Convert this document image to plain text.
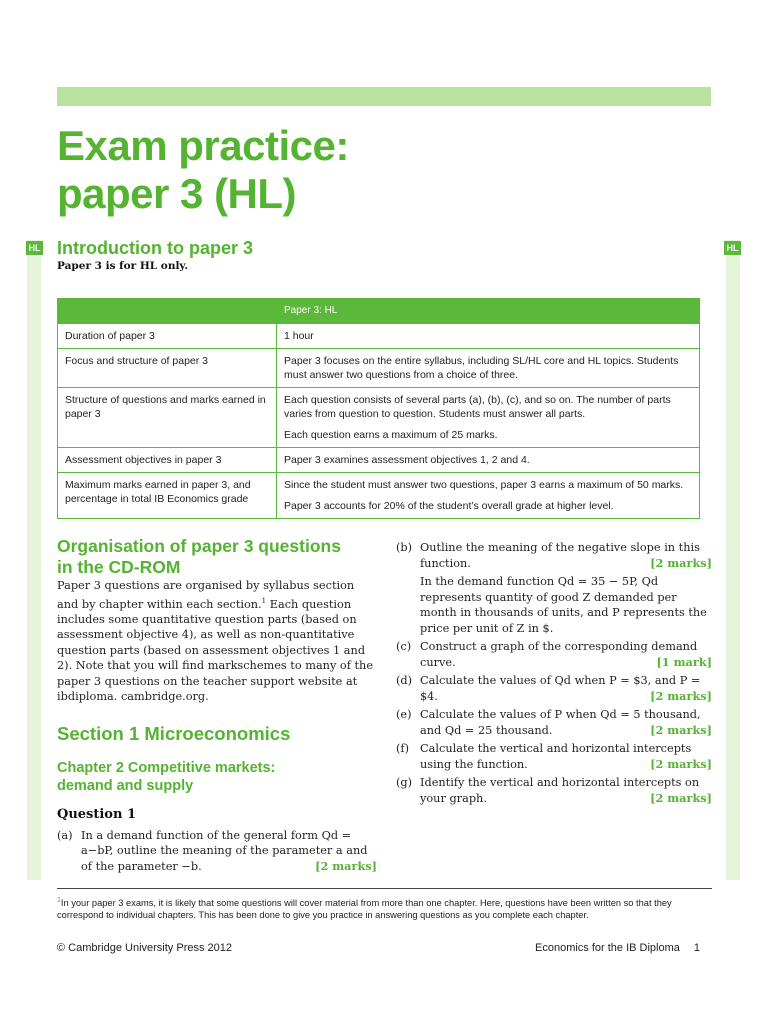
HL	HL
Exam practice:
paper 3 (HL)
Introduction to paper 3
Paper 3 is for HL only.
	Paper 3: HL
Duration of paper 3	1 hour

Focus and structure of paper 3	Paper 3 focuses on the entire syllabus, including SL/HL core and HL topics. Students must answer two questions from a choice of three.

Structure of questions and marks earned in paper 3	Each question consists of several parts (a), (b), (c), and so on. The number of parts varies from question to question. Students must answer all parts.

Each question earns a maximum of 25 marks.

Assessment objectives in paper 3	Paper 3 examines assessment objectives 1, 2 and 4.

Maximum marks earned in paper 3, and percentage in total IB Economics grade	Since the student must answer two questions, paper 3 earns a maximum of 50 marks.

Paper 3 accounts for 20% of the student’s overall grade at higher level.

Organisation of paper 3 questions
in the CD-ROM

Paper 3 questions are organised by syllabus section and by chapter within each section.$^1$ Each question includes some quantitative question parts (based on assessment objective 4), as well as non-quantitative question parts (based on assessment objectives 1 and 2). Note that you will find markschemes to many of the paper 3 questions on the teacher support website at ibdiploma. cambridge.org.

Section 1 Microeconomics
Chapter 2 Competitive markets:
demand and supply
Question 1
(a) In a demand function of the general form Qd = a−bP, outline the meaning of the parameter a and of the parameter −b.	[2 marks]
(b) Outline the meaning of the negative slope in this function.	[2 marks]
In the demand function Qd = 35 − 5P, Qd represents quantity of good Z demanded per month in thousands of units, and P represents the price per unit of Z in $.
(c) Construct a graph of the corresponding demand curve.	[1 mark]
(d) Calculate the values of Qd when P = $3, and P = $4.	[2 marks]
(e) Calculate the values of P when Qd = 5 thousand, and Qd = 25 thousand.	[2 marks]
(f) Calculate the vertical and horizontal intercepts using the function.	[2 marks]
(g) Identify the vertical and horizontal intercepts on your graph.	[2 marks]
$^1$In your paper 3 exams, it is likely that some questions will cover material from more than one chapter. Here, questions have been written so that they correspond to individual chapters. This has been done to give you practice in answering questions as you complete each chapter.
© Cambridge University Press 2012	Economics for the IB Diploma 1
